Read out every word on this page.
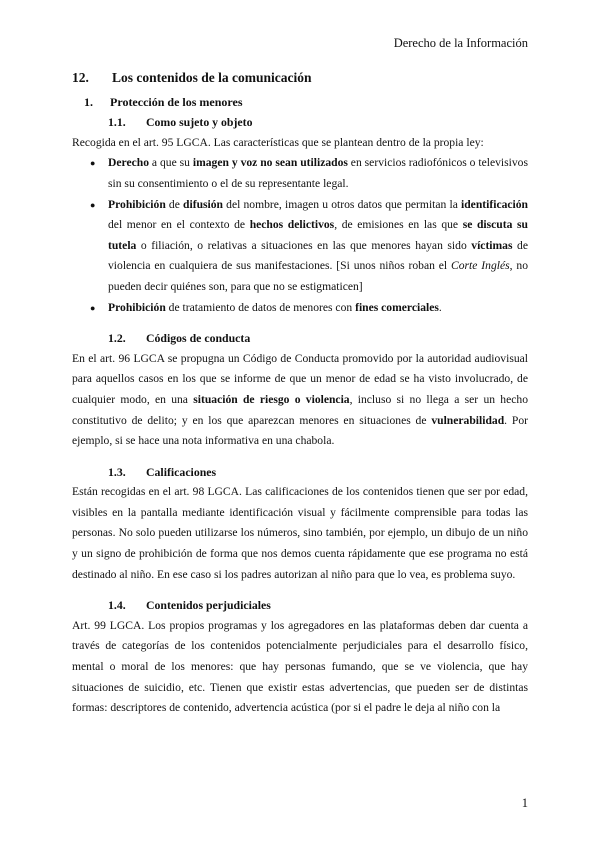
Derecho de la Información
12.	Los contenidos de la comunicación
1.	Protección de los menores
1.1.	Como sujeto y objeto

Recogida en el art. 95 LGCA. Las características que se plantean dentro de la propia ley:

● Derecho a que su imagen y voz no sean utilizados en servicios radiofónicos o televisivos sin su consentimiento o el de su representante legal.
● Prohibición de difusión del nombre, imagen u otros datos que permitan la identificación del menor en el contexto de hechos delictivos, de emisiones en las que se discuta su tutela o filiación, o relativas a situaciones en las que menores hayan sido víctimas de violencia en cualquiera de sus manifestaciones. [Si unos niños roban el Corte Inglés, no pueden decir quiénes son, para que no se estigmaticen]
● Prohibición de tratamiento de datos de menores con fines comerciales.
1.2.	Códigos de conducta

En el art. 96 LGCA se propugna un Código de Conducta promovido por la autoridad audiovisual para aquellos casos en los que se informe de que un menor de edad se ha visto involucrado, de cualquier modo, en una situación de riesgo o violencia, incluso si no llega a ser un hecho constitutivo de delito; y en los que aparezcan menores en situaciones de vulnerabilidad. Por ejemplo, si se hace una nota informativa en una chabola.

1.3.	Calificaciones

Están recogidas en el art. 98 LGCA. Las calificaciones de los contenidos tienen que ser por edad, visibles en la pantalla mediante identificación visual y fácilmente comprensible para todas las personas. No solo pueden utilizarse los números, sino también, por ejemplo, un dibujo de un niño y un signo de prohibición de forma que nos demos cuenta rápidamente que ese programa no está destinado al niño. En ese caso si los padres autorizan al niño para que lo vea, es problema suyo.

1.4.	Contenidos perjudiciales

Art. 99 LGCA. Los propios programas y los agregadores en las plataformas deben dar cuenta a través de categorías de los contenidos potencialmente perjudiciales para el desarrollo físico, mental o moral de los menores: que hay personas fumando, que se ve violencia, que hay situaciones de suicidio, etc. Tienen que existir estas advertencias, que pueden ser de distintas formas: descriptores de contenido, advertencia acústica (por si el padre le deja al niño con la

1
